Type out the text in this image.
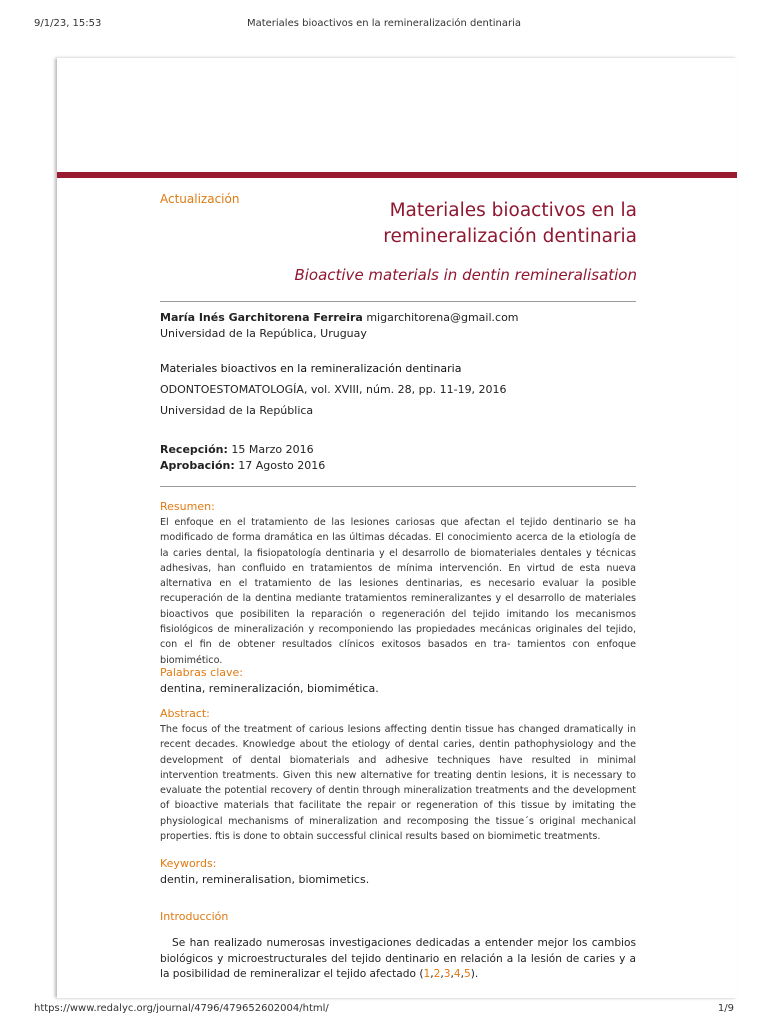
9/1/23, 15:53	Materiales bioactivos en la remineralización dentinaria
Actualización
Materiales bioactivos en la remineralización dentinaria
Bioactive materials in dentin remineralisation
María Inés Garchitorena Ferreira migarchitorena@gmail.com
Universidad de la República, Uruguay
Materiales bioactivos en la remineralización dentinaria
ODONTOESTOMATOLOGÍA, vol. XVIII, núm. 28, pp. 11-19, 2016
Universidad de la República
Recepción: 15 Marzo 2016
Aprobación: 17 Agosto 2016
Resumen:
El enfoque en el tratamiento de las lesiones cariosas que afectan el tejido dentinario se ha modificado de forma dramática en las últimas décadas. El conocimiento acerca de la etiología de la caries dental, la fisiopatología dentinaria y el desarrollo de biomateriales dentales y técnicas adhesivas, han confluido en tratamientos de mínima intervención. En virtud de esta nueva alternativa en el tratamiento de las lesiones dentinarias, es necesario evaluar la posible recuperación de la dentina mediante tratamientos remineralizantes y el desarrollo de materiales bioactivos que posibiliten la reparación o regeneración del tejido imitando los mecanismos fisiológicos de mineralización y recomponiendo las propiedades mecánicas originales del tejido, con el fin de obtener resultados clínicos exitosos basados en tra- tamientos con enfoque biomimético.
Palabras clave:
dentina, remineralización, biomimética.
Abstract:
The focus of the treatment of carious lesions affecting dentin tissue has changed dramatically in recent decades. Knowledge about the etiology of dental caries, dentin pathophysiology and the development of dental biomaterials and adhesive techniques have resulted in minimal intervention treatments. Given this new alternative for treating dentin lesions, it is necessary to evaluate the potential recovery of dentin through mineralization treatments and the development of bioactive materials that facilitate the repair or regeneration of this tissue by imitating the physiological mechanisms of mineralization and recomposing the tissue´s original mechanical properties. ftis is done to obtain successful clinical results based on biomimetic treatments.
Keywords:
dentin, remineralisation, biomimetics.
Introducción
Se han realizado numerosas investigaciones dedicadas a entender mejor los cambios biológicos y microestructurales del tejido dentinario en relación a la lesión de caries y a la posibilidad de remineralizar el tejido afectado (1,2,3,4,5).
https://www.redalyc.org/journal/4796/479652602004/html/	1/9
